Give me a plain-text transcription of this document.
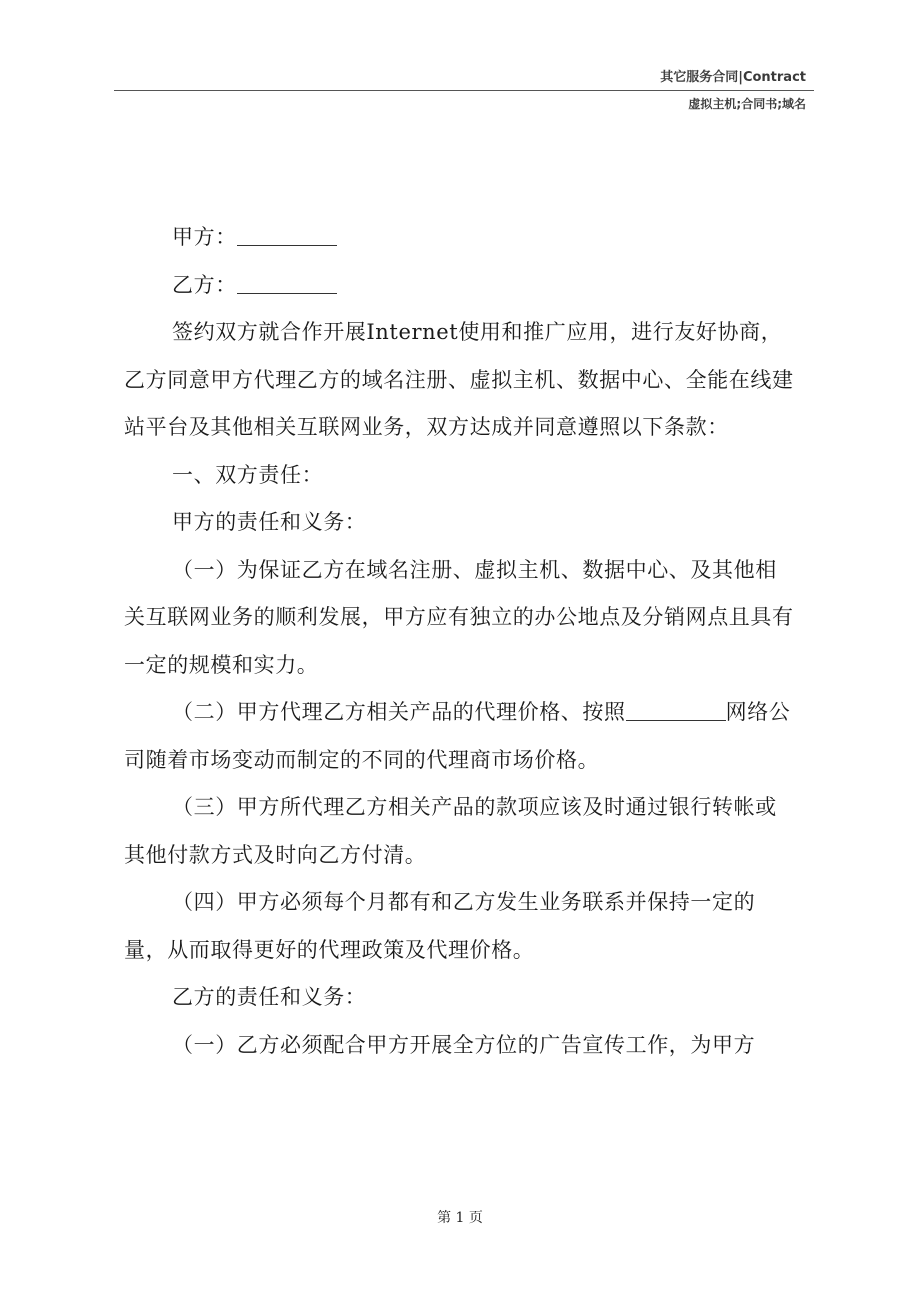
其它服务合同|Contract
虚拟主机;合同书;域名

甲方：

乙方：

签约双方就合作开展Internet使用和推广应用，进行友好协商，乙方同意甲方代理乙方的域名注册、虚拟主机、数据中心、全能在线建站平台及其他相关互联网业务，双方达成并同意遵照以下条款：

一、双方责任：

甲方的责任和义务：

（一）为保证乙方在域名注册、虚拟主机、数据中心、及其他相关互联网业务的顺利发展，甲方应有独立的办公地点及分销网点且具有一定的规模和实力。

（二）甲方代理乙方相关产品的代理价格、按照	网络公司随着市场变动而制定的不同的代理商市场价格。

（三）甲方所代理乙方相关产品的款项应该及时通过银行转帐或其他付款方式及时向乙方付清。

（四）甲方必须每个月都有和乙方发生业务联系并保持一定的量，从而取得更好的代理政策及代理价格。

乙方的责任和义务：

（一）乙方必须配合甲方开展全方位的广告宣传工作，为甲方

第 1 页
